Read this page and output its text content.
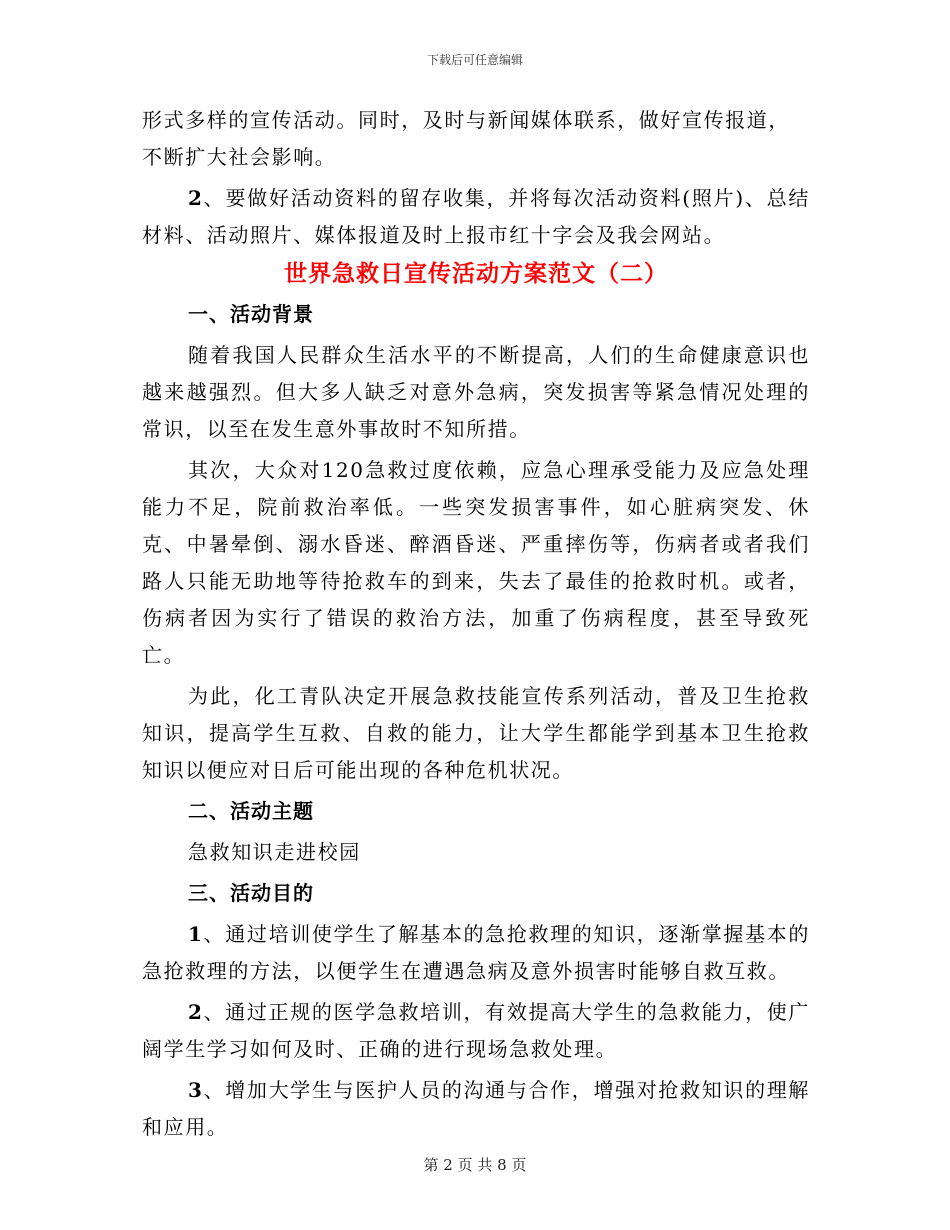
下载后可任意编辑

形式多样的宣传活动。同时，及时与新闻媒体联系，做好宣传报道，

不断扩大社会影响。

2、要做好活动资料的留存收集，并将每次活动资料(照片)、总结材料、活动照片、媒体报道及时上报市红十字会及我会网站。

世界急救日宣传活动方案范文（二）

一、活动背景

随着我国人民群众生活水平的不断提高，人们的生命健康意识也越来越强烈。但大多人缺乏对意外急病，突发损害等紧急情况处理的常识，以至在发生意外事故时不知所措。

其次，大众对120急救过度依赖，应急心理承受能力及应急处理能力不足，院前救治率低。一些突发损害事件，如心脏病突发、休克、中暑晕倒、溺水昏迷、醉酒昏迷、严重摔伤等，伤病者或者我们路人只能无助地等待抢救车的到来，失去了最佳的抢救时机。或者，伤病者因为实行了错误的救治方法，加重了伤病程度，甚至导致死亡。

为此，化工青队决定开展急救技能宣传系列活动，普及卫生抢救知识，提高学生互救、自救的能力，让大学生都能学到基本卫生抢救知识以便应对日后可能出现的各种危机状况。

二、活动主题

急救知识走进校园

三、活动目的

1、通过培训使学生了解基本的急抢救理的知识，逐渐掌握基本的急抢救理的方法，以便学生在遭遇急病及意外损害时能够自救互救。

2、通过正规的医学急救培训，有效提高大学生的急救能力，使广阔学生学习如何及时、正确的进行现场急救处理。

3、增加大学生与医护人员的沟通与合作，增强对抢救知识的理解和应用。

第 2 页 共 8 页
